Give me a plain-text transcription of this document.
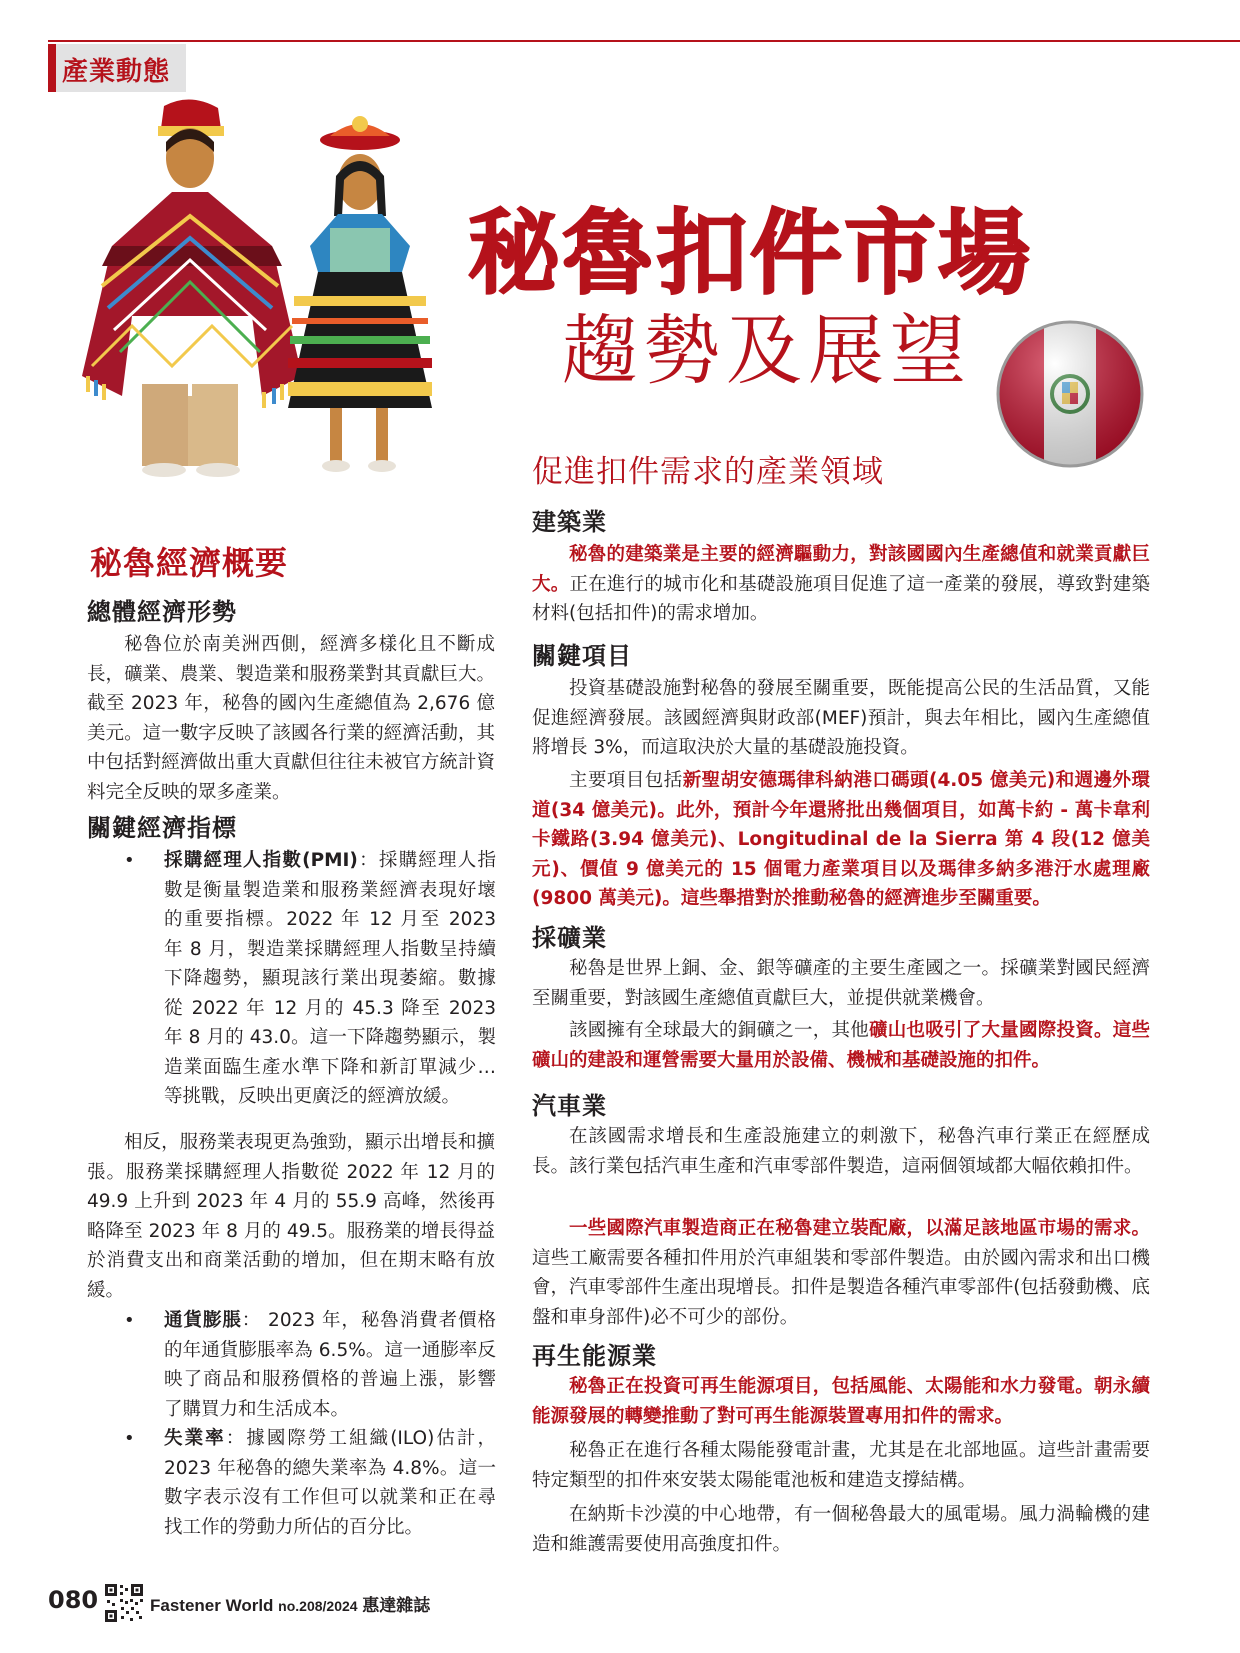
產業動態
秘魯扣件市場
趨勢及展望
秘魯經濟概要
總體經濟形勢

秘魯位於南美洲西側，經濟多樣化且不斷成長，礦業、農業、製造業和服務業對其貢獻巨大。截至 2023 年，秘魯的國內生產總值為 2,676 億美元。這一數字反映了該國各行業的經濟活動，其中包括對經濟做出重大貢獻但往往未被官方統計資料完全反映的眾多產業。

關鍵經濟指標
• 採購經理人指數(PMI)：採購經理人指數是衡量製造業和服務業經濟表現好壞的重要指標。2022 年 12 月至 2023 年 8 月，製造業採購經理人指數呈持續下降趨勢，顯現該行業出現萎縮。數據從 2022 年 12 月的 45.3 降至 2023 年 8 月的 43.0。這一下降趨勢顯示，製造業面臨生產水準下降和新訂單減少…等挑戰，反映出更廣泛的經濟放緩。

相反，服務業表現更為強勁，顯示出增長和擴張。服務業採購經理人指數從 2022 年 12 月的 49.9 上升到 2023 年 4 月的 55.9 高峰，然後再略降至 2023 年 8 月的 49.5。服務業的增長得益於消費支出和商業活動的增加，但在期末略有放緩。

• 通貨膨脹： 2023 年，秘魯消費者價格的年通貨膨脹率為 6.5%。這一通膨率反映了商品和服務價格的普遍上漲，影響了購買力和生活成本。
• 失業率：據國際勞工組織(ILO)估計，2023 年秘魯的總失業率為 4.8%。這一數字表示沒有工作但可以就業和正在尋找工作的勞動力所佔的百分比。
促進扣件需求的產業領域
建築業

秘魯的建築業是主要的經濟驅動力，對該國國內生產總值和就業貢獻巨大。正在進行的城市化和基礎設施項目促進了這一產業的發展，導致對建築材料(包括扣件)的需求增加。

關鍵項目

投資基礎設施對秘魯的發展至關重要，既能提高公民的生活品質，又能促進經濟發展。該國經濟與財政部(MEF)預計，與去年相比，國內生產總值將增長 3%，而這取決於大量的基礎設施投資。

主要項目包括新聖胡安德瑪律科納港口碼頭(4.05 億美元)和週邊外環道(34 億美元)。此外，預計今年還將批出幾個項目，如萬卡約 - 萬卡韋利卡鐵路(3.94 億美元)、Longitudinal de la Sierra 第 4 段(12 億美元)、價值 9 億美元的 15 個電力產業項目以及瑪律多納多港汙水處理廠(9800 萬美元)。這些舉措對於推動秘魯的經濟進步至關重要。

採礦業

秘魯是世界上銅、金、銀等礦產的主要生產國之一。採礦業對國民經濟至關重要，對該國生產總值貢獻巨大，並提供就業機會。

該國擁有全球最大的銅礦之一，其他礦山也吸引了大量國際投資。這些礦山的建設和運營需要大量用於設備、機械和基礎設施的扣件。

汽車業

在該國需求增長和生產設施建立的刺激下，秘魯汽車行業正在經歷成長。該行業包括汽車生產和汽車零部件製造，這兩個領域都大幅依賴扣件。

一些國際汽車製造商正在秘魯建立裝配廠，以滿足該地區市場的需求。這些工廠需要各種扣件用於汽車組裝和零部件製造。由於國內需求和出口機會，汽車零部件生產出現增長。扣件是製造各種汽車零部件(包括發動機、底盤和車身部件)必不可少的部份。

再生能源業

秘魯正在投資可再生能源項目，包括風能、太陽能和水力發電。朝永續能源發展的轉變推動了對可再生能源裝置專用扣件的需求。

秘魯正在進行各種太陽能發電計畫，尤其是在北部地區。這些計畫需要特定類型的扣件來安裝太陽能電池板和建造支撐結構。

在納斯卡沙漠的中心地帶，有一個秘魯最大的風電場。風力渦輪機的建造和維護需要使用高強度扣件。

080	Fastener World no.208/2024 惠達雜誌
